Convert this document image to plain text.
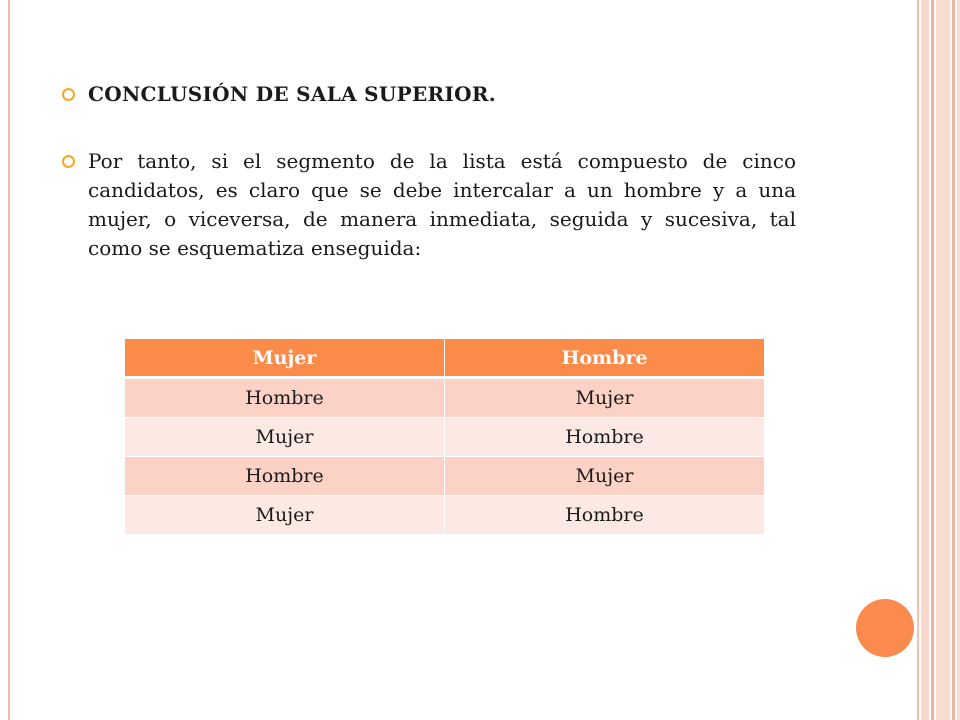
CONCLUSIÓN DE SALA SUPERIOR.
Por tanto, si el segmento de la lista está compuesto de cinco candidatos, es claro que se debe intercalar a un hombre y a una mujer, o viceversa, de manera inmediata, seguida y sucesiva, tal como se esquematiza enseguida:
Mujer	Hombre
Hombre	Mujer
Mujer	Hombre
Hombre	Mujer
Mujer	Hombre
